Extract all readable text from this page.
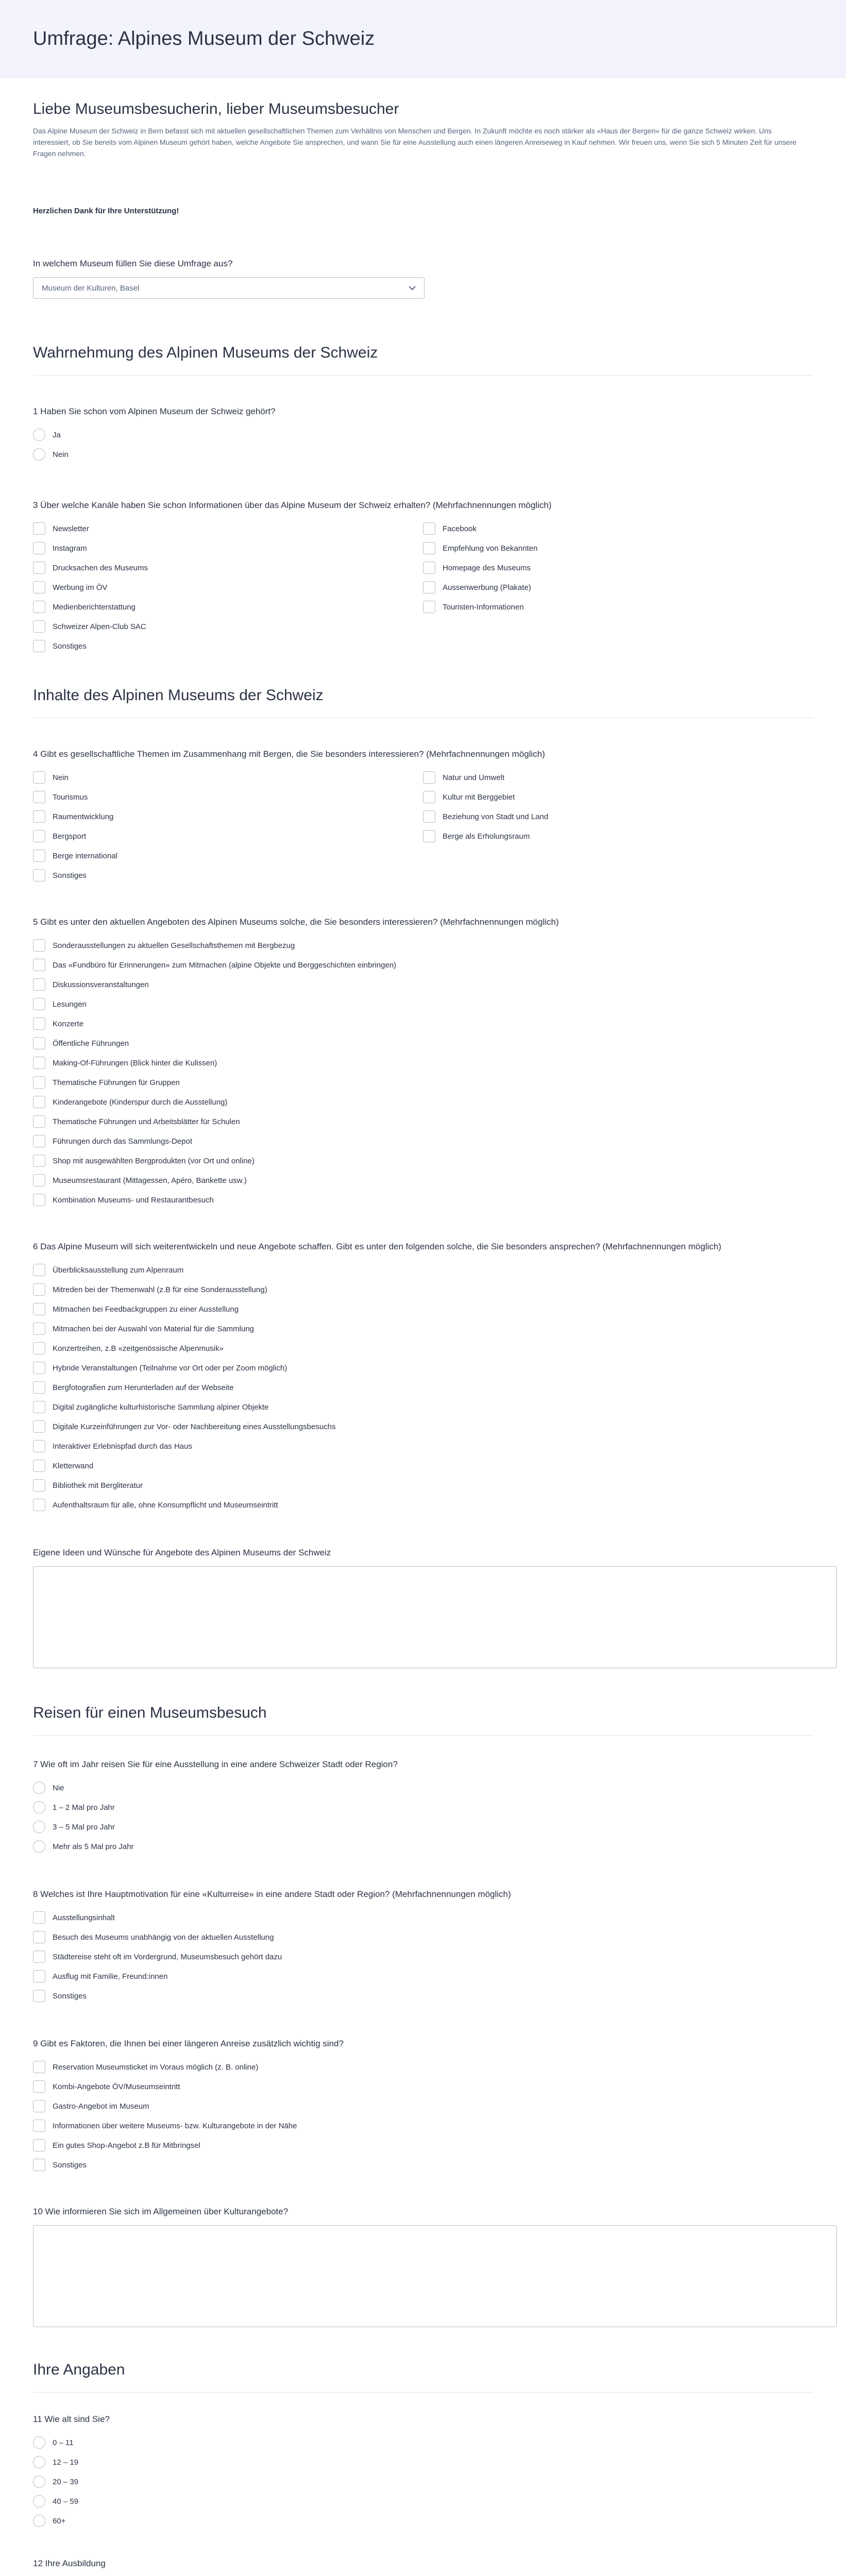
Umfrage: Alpines Museum der Schweiz
Liebe Museumsbesucherin, lieber Museumsbesucher

Das Alpine Museum der Schweiz in Bern befasst sich mit aktuellen gesellschaftlichen Themen zum Verhältnis von Menschen und Bergen. In Zukunft möchte es noch stärker als «Haus der Bergen» für die ganze Schweiz wirken. Uns interessiert, ob Sie bereits vom Alpinen Museum gehört haben, welche Angebote Sie ansprechen, und wann Sie für eine Ausstellung auch einen längeren Anreiseweg in Kauf nehmen. Wir freuen uns, wenn Sie sich 5 Minuten Zeit für unsere Fragen nehmen.

Herzlichen Dank für Ihre Unterstützung!
In welchem Museum füllen Sie diese Umfrage aus?
Museum der Kulturen, Basel
Wahrnehmung des Alpinen Museums der Schweiz
1 Haben Sie schon vom Alpinen Museum der Schweiz gehört?
Ja
Nein
3 Über welche Kanäle haben Sie schon Informationen über das Alpine Museum der Schweiz erhalten? (Mehrfachnennungen möglich)
Newsletter
Instagram
Drucksachen des Museums
Werbung im ÖV
Medienberichterstattung
Schweizer Alpen-Club SAC
Sonstiges
Facebook
Empfehlung von Bekannten
Homepage des Museums
Aussenwerbung (Plakate)
Touristen-Informationen
Inhalte des Alpinen Museums der Schweiz
4 Gibt es gesellschaftliche Themen im Zusammenhang mit Bergen, die Sie besonders interessieren? (Mehrfachnennungen möglich)
Nein
Tourismus
Raumentwicklung
Bergsport
Berge international
Sonstiges
Natur und Umwelt
Kultur mit Berggebiet
Beziehung von Stadt und Land
Berge als Erholungsraum
5 Gibt es unter den aktuellen Angeboten des Alpinen Museums solche, die Sie besonders interessieren? (Mehrfachnennungen möglich)
Sonderausstellungen zu aktuellen Gesellschaftsthemen mit Bergbezug
Das «Fundbüro für Erinnerungen» zum Mitmachen (alpine Objekte und Berggeschichten einbringen)
Diskussionsveranstaltungen
Lesungen
Konzerte
Öffentliche Führungen
Making-Of-Führungen (Blick hinter die Kulissen)
Thematische Führungen für Gruppen
Kinderangebote (Kinderspur durch die Ausstellung)
Thematische Führungen und Arbeitsblätter für Schulen
Führungen durch das Sammlungs-Depot
Shop mit ausgewählten Bergprodukten (vor Ort und online)
Museumsrestaurant (Mittagessen, Apéro, Bankette usw.)
Kombination Museums- und Restaurantbesuch
6 Das Alpine Museum will sich weiterentwickeln und neue Angebote schaffen. Gibt es unter den folgenden solche, die Sie besonders ansprechen? (Mehrfachnennungen möglich)
Überblicksausstellung zum Alpenraum
Mitreden bei der Themenwahl (z.B für eine Sonderausstellung)
Mitmachen bei Feedbackgruppen zu einer Ausstellung
Mitmachen bei der Auswahl von Material für die Sammlung
Konzertreihen, z.B «zeitgenössische Alpenmusik»
Hybride Veranstaltungen (Teilnahme vor Ort oder per Zoom möglich)
Bergfotografien zum Herunterladen auf der Webseite
Digital zugängliche kulturhistorische Sammlung alpiner Objekte
Digitale Kurzeinführungen zur Vor- oder Nachbereitung eines Ausstellungsbesuchs
Interaktiver Erlebnispfad durch das Haus
Kletterwand
Bibliothek mit Bergliteratur
Aufenthaltsraum für alle, ohne Konsumpflicht und Museumseintritt
Eigene Ideen und Wünsche für Angebote des Alpinen Museums der Schweiz
Reisen für einen Museumsbesuch
7 Wie oft im Jahr reisen Sie für eine Ausstellung in eine andere Schweizer Stadt oder Region?
Nie
1 – 2 Mal pro Jahr
3 – 5 Mal pro Jahr
Mehr als 5 Mal pro Jahr
8 Welches ist Ihre Hauptmotivation für eine «Kulturreise» in eine andere Stadt oder Region? (Mehrfachnennungen möglich)
Ausstellungsinhalt
Besuch des Museums unabhängig von der aktuellen Ausstellung
Städtereise steht oft im Vordergrund, Museumsbesuch gehört dazu
Ausflug mit Familie, Freund:innen
Sonstiges
9 Gibt es Faktoren, die Ihnen bei einer längeren Anreise zusätzlich wichtig sind?
Reservation Museumsticket im Voraus möglich (z. B. online)
Kombi-Angebote ÖV/Museumseintritt
Gastro-Angebot im Museum
Informationen über weitere Museums- bzw. Kulturangebote in der Nähe
Ein gutes Shop-Angebot z.B für Mitbringsel
Sonstiges
10 Wie informieren Sie sich im Allgemeinen über Kulturangebote?
Ihre Angaben
11 Wie alt sind Sie?
0 – 11
12 – 19
20 – 39
40 – 59
60+
12 Ihre Ausbildung
